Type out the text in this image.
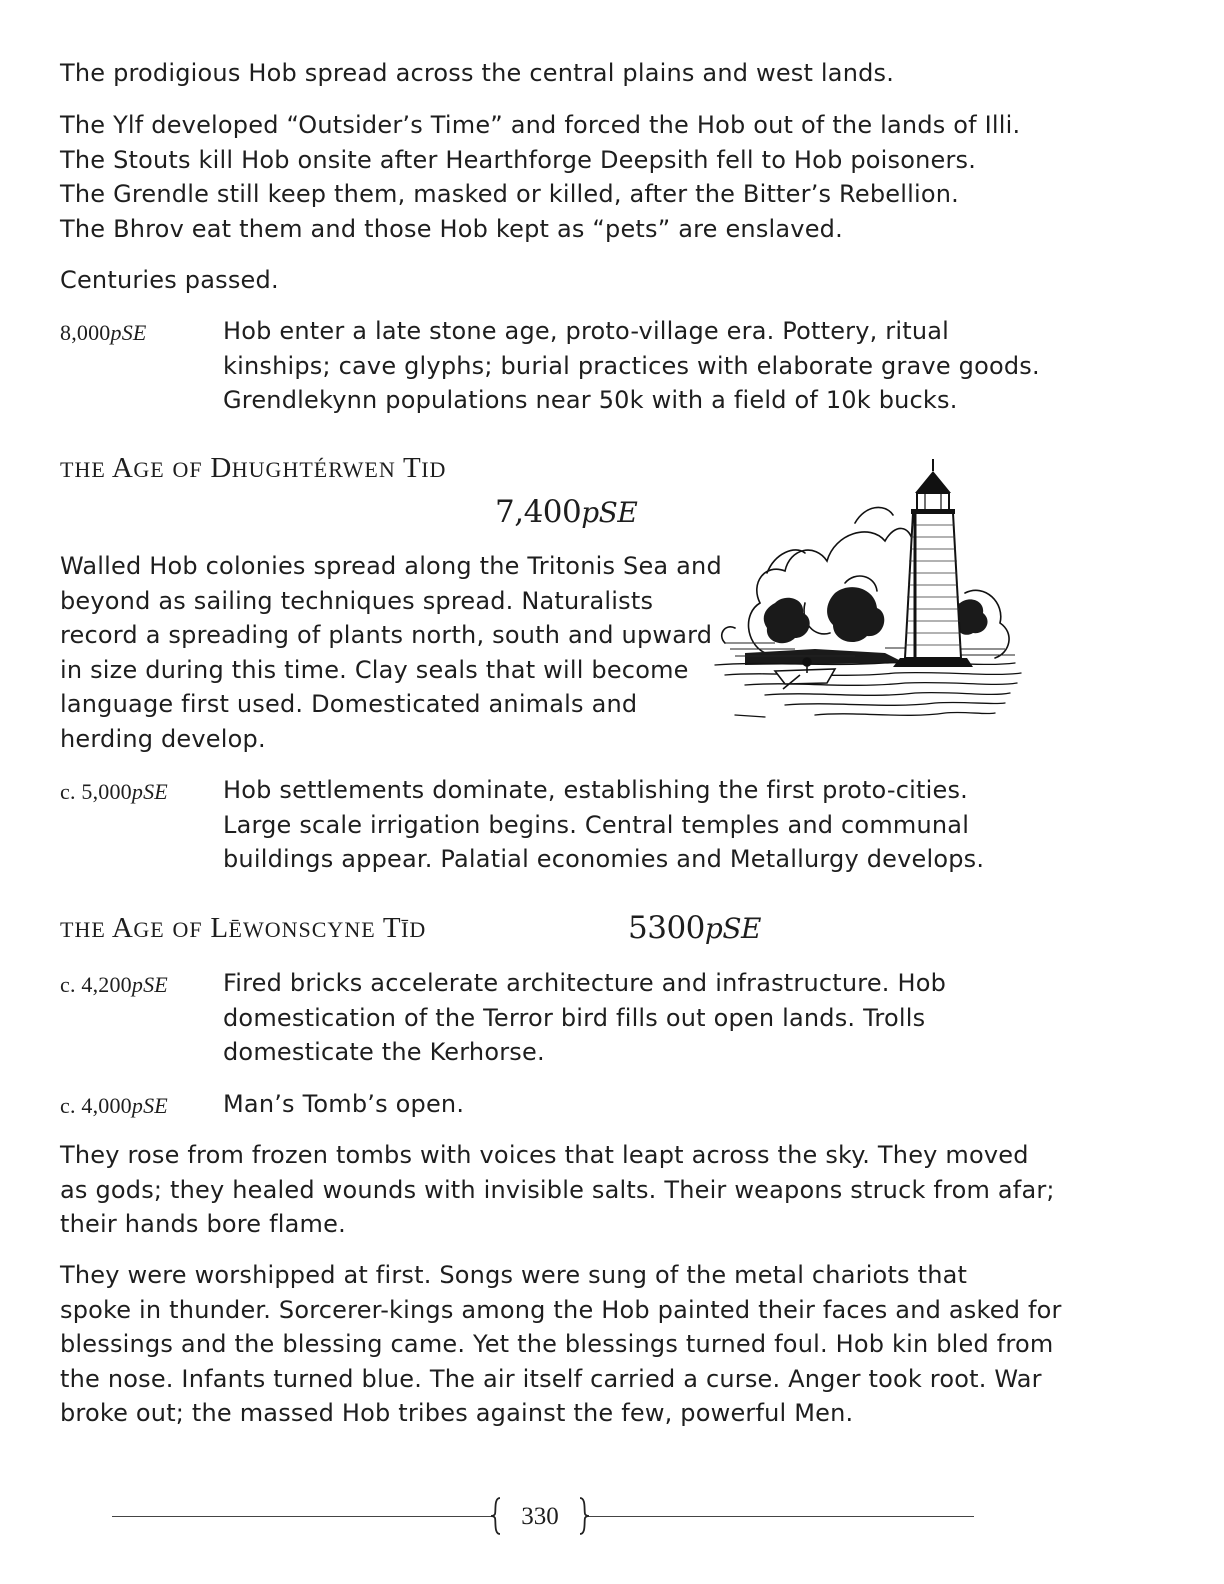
The prodigious Hob spread across the central plains and west lands.
The Ylf developed “Outsider’s Time” and forced the Hob out of the lands of Illi.
The Stouts kill Hob onsite after Hearthforge Deepsith fell to Hob poisoners.
The Grendle still keep them, masked or killed, after the Bitter’s Rebellion.
The Bhrov eat them and those Hob kept as “pets” are enslaved.
Centuries passed.
8,000pSE	Hob enter a late stone age, proto-village era. Pottery, ritual
kinships; cave glyphs; burial practices with elaborate grave goods.
Grendlekynn populations near 50k with a field of 10k bucks.
THE AGE OF DHUGHTÉRWEN TID
7,400pSE
Walled Hob colonies spread along the Tritonis Sea and
beyond as sailing techniques spread. Naturalists
record a spreading of plants north, south and upward
in size during this time. Clay seals that will become
language first used. Domesticated animals and
herding develop.
c. 5,000pSE Hob settlements dominate, establishing the first proto-cities.
Large scale irrigation begins. Central temples and communal
buildings appear. Palatial economies and Metallurgy develops.
THE AGE OF LĒWONSCYNE TĪD	5300pSE
c. 4,200pSE Fired bricks accelerate architecture and infrastructure. Hob
domestication of the Terror bird fills out open lands. Trolls
domesticate the Kerhorse.
c. 4,000pSE Man’s Tomb’s open.
They rose from frozen tombs with voices that leapt across the sky. They moved
as gods; they healed wounds with invisible salts. Their weapons struck from afar;
their hands bore flame.
They were worshipped at first. Songs were sung of the metal chariots that
spoke in thunder. Sorcerer-kings among the Hob painted their faces and asked for
blessings and the blessing came. Yet the blessings turned foul. Hob kin bled from
the nose. Infants turned blue. The air itself carried a curse. Anger took root. War
broke out; the massed Hob tribes against the few, powerful Men.
330
